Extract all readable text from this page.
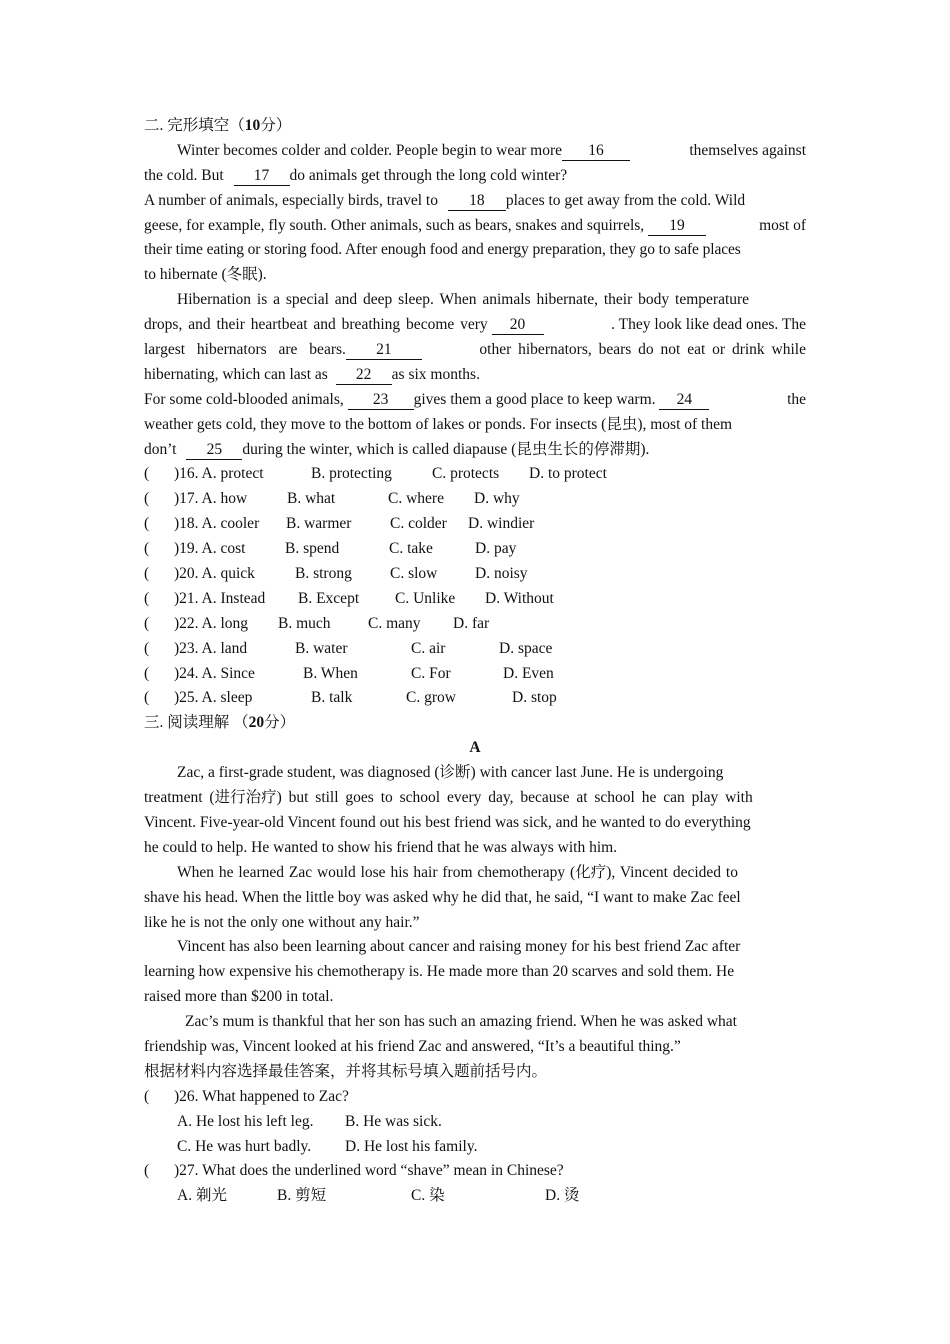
二. 完形填空（10分）
Winter becomes colder and colder. People begin to wear more 16	themselves against
the cold. But 17 do animals get through the long cold winter?
A number of animals, especially birds, travel to 18 places to get away from the cold. Wild
geese, for example, fly south. Other animals, such as bears, snakes and squirrels, 19	most of
their time eating or storing food. After enough food and energy preparation, they go to safe places
to hibernate (冬眠).
Hibernation is a special and deep sleep. When animals hibernate, their body temperature
drops, and their heartbeat and breathing become very 20	. They look like dead ones. The
largest hibernators are bears. 21	other hibernators, bears do not eat or drink while
hibernating, which can last as 22 as six months.
For some cold-blooded animals, 23 gives them a good place to keep warm. 24	the
weather gets cold, they move to the bottom of lakes or ponds. For insects (昆虫), most of them
don’t 25 during the winter, which is called diapause (昆虫生长的停滞期).
(	)16. A. protect	B. protecting	C. protects	D. to protect
(	)17. A. how	B. what	C. where	D. why
(	)18. A. cooler	B. warmer	C. colder	D. windier
(	)19. A. cost	B. spend	C. take	D. pay
(	)20. A. quick	B. strong	C. slow	D. noisy
(	)21. A. Instead	B. Except	C. Unlike	D. Without
(	)22. A. long	B. much	C. many	D. far
(	)23. A. land	B. water	C. air	D. space
(	)24. A. Since	B. When	C. For	D. Even
(	)25. A. sleep	B. talk	C. grow	D. stop
三. 阅读理解 （20分）
A
Zac, a first-grade student, was diagnosed (诊断) with cancer last June. He is undergoing
treatment (进行治疗) but still goes to school every day, because at school he can play with
Vincent. Five-year-old Vincent found out his best friend was sick, and he wanted to do everything
he could to help. He wanted to show his friend that he was always with him.
When he learned Zac would lose his hair from chemotherapy (化疗), Vincent decided to
shave his head. When the little boy was asked why he did that, he said, “I want to make Zac feel
like he is not the only one without any hair.”
Vincent has also been learning about cancer and raising money for his best friend Zac after
learning how expensive his chemotherapy is. He made more than 20 scarves and sold them. He
raised more than $200 in total.
Zac’s mum is thankful that her son has such an amazing friend. When he was asked what
friendship was, Vincent looked at his friend Zac and answered, “It’s a beautiful thing.”
根据材料内容选择最佳答案，并将其标号填入题前括号内。
(	)26. What happened to Zac?
A. He lost his left leg.	B. He was sick.
C. He was hurt badly.	D. He lost his family.
(	)27. What does the underlined word “shave” mean in Chinese?
A. 剃光	B. 剪短	C. 染	D. 烫
